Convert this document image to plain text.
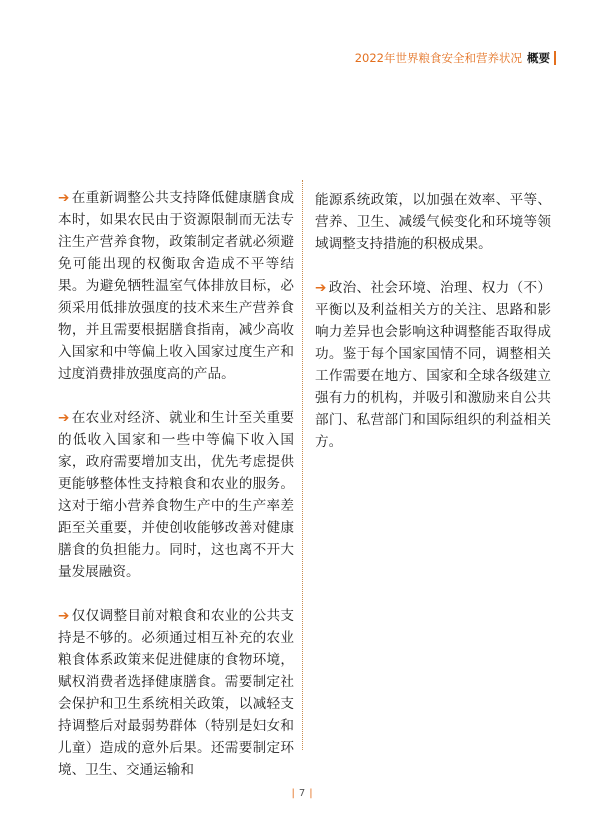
2022年世界粮食安全和营养状况 概要

➔ 在重新调整公共支持降低健康膳食成本时，如果农民由于资源限制而无法专注生产营养食物，政策制定者就必须避免可能出现的权衡取舍造成不平等结果。为避免牺牲温室气体排放目标，必须采用低排放强度的技术来生产营养食物，并且需要根据膳食指南，减少高收入国家和中等偏上收入国家过度生产和过度消费排放强度高的产品。

➔ 在农业对经济、就业和生计至关重要的低收入国家和一些中等偏下收入国家，政府需要增加支出，优先考虑提供更能够整体性支持粮食和农业的服务。这对于缩小营养食物生产中的生产率差距至关重要，并使创收能够改善对健康膳食的负担能力。同时，这也离不开大量发展融资。

➔ 仅仅调整目前对粮食和农业的公共支持是不够的。必须通过相互补充的农业粮食体系政策来促进健康的食物环境，赋权消费者选择健康膳食。需要制定社会保护和卫生系统相关政策，以减轻支持调整后对最弱势群体（特别是妇女和儿童）造成的意外后果。还需要制定环境、卫生、交通运输和

能源系统政策，以加强在效率、平等、营养、卫生、减缓气候变化和环境等领域调整支持措施的积极成果。

➔ 政治、社会环境、治理、权力（不）平衡以及利益相关方的关注、思路和影响力差异也会影响这种调整能否取得成功。鉴于每个国家国情不同，调整相关工作需要在地方、国家和全球各级建立强有力的机构，并吸引和激励来自公共部门、私营部门和国际组织的利益相关方。

| 7 |
